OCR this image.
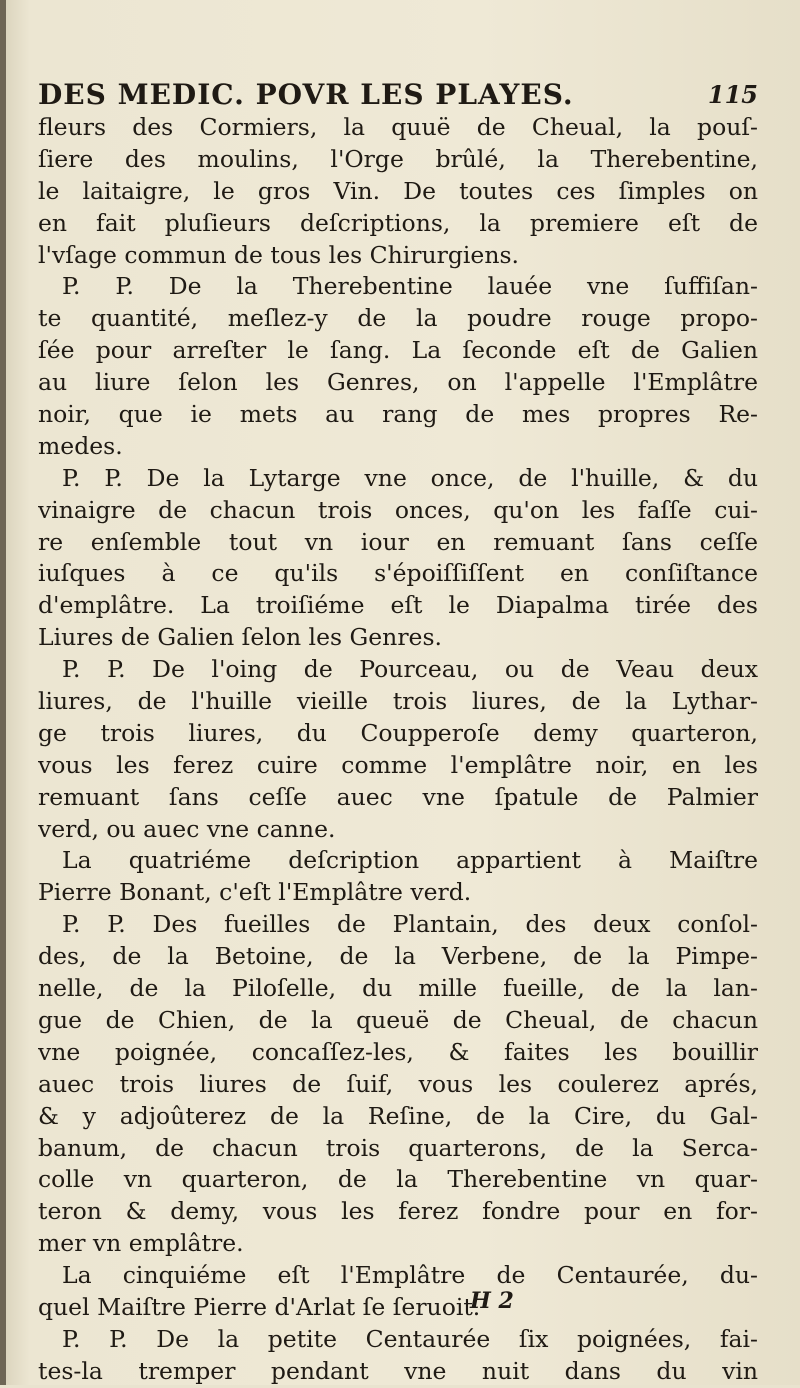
DES MEDIC. POVR LES PLAYES.	115
fleurs des Cormiers, la quuë de Cheual, la pouſ-
ſiere des moulins, l'Orge brûlé, la Therebentine,
le laitaigre, le gros Vin. De toutes ces ſimples on
en fait pluſieurs deſcriptions, la premiere eſt de
l'vſage commun de tous les Chirurgiens.
P. P. De la Therebentine lauée vne ſuffiſan-
te quantité, meſlez-y de la poudre rouge propo-
ſée pour arreſter le ſang. La ſeconde eſt de Galien
au liure ſelon les Genres, on l'appelle l'Emplâtre
noir, que ie mets au rang de mes propres Re-
medes.
P. P. De la Lytarge vne once, de l'huille, & du
vinaigre de chacun trois onces, qu'on les faſſe cui-
re enſemble tout vn iour en remuant ſans ceſſe
iuſques à ce qu'ils s'époiſſiſſent en conſiſtance
d'emplâtre. La troiſiéme eſt le Diapalma tirée des
Liures de Galien ſelon les Genres.
P. P. De l'oing de Pourceau, ou de Veau deux
liures, de l'huille vieille trois liures, de la Lythar-
ge trois liures, du Coupperoſe demy quarteron,
vous les ferez cuire comme l'emplâtre noir, en les
remuant ſans ceſſe auec vne ſpatule de Palmier
verd, ou auec vne canne.
La quatriéme deſcription appartient à Maiſtre
Pierre Bonant, c'eſt l'Emplâtre verd.
P. P. Des fueilles de Plantain, des deux conſol-
des, de la Betoine, de la Verbene, de la Pimpe-
nelle, de la Piloſelle, du mille fueille, de la lan-
gue de Chien, de la queuë de Cheual, de chacun
vne poignée, concaſſez-les, & faites les bouillir
auec trois liures de ſuif, vous les coulerez aprés,
& y adjoûterez de la Reſine, de la Cire, du Gal-
banum, de chacun trois quarterons, de la Serca-
colle vn quarteron, de la Therebentine vn quar-
teron & demy, vous les ferez fondre pour en for-
mer vn emplâtre.
La cinquiéme eſt l'Emplâtre de Centaurée, du-
quel Maiſtre Pierre d'Arlat ſe ſeruoit.
P. P. De la petite Centaurée ſix poignées, fai-
tes-la tremper pendant vne nuit dans du vin
H 2
